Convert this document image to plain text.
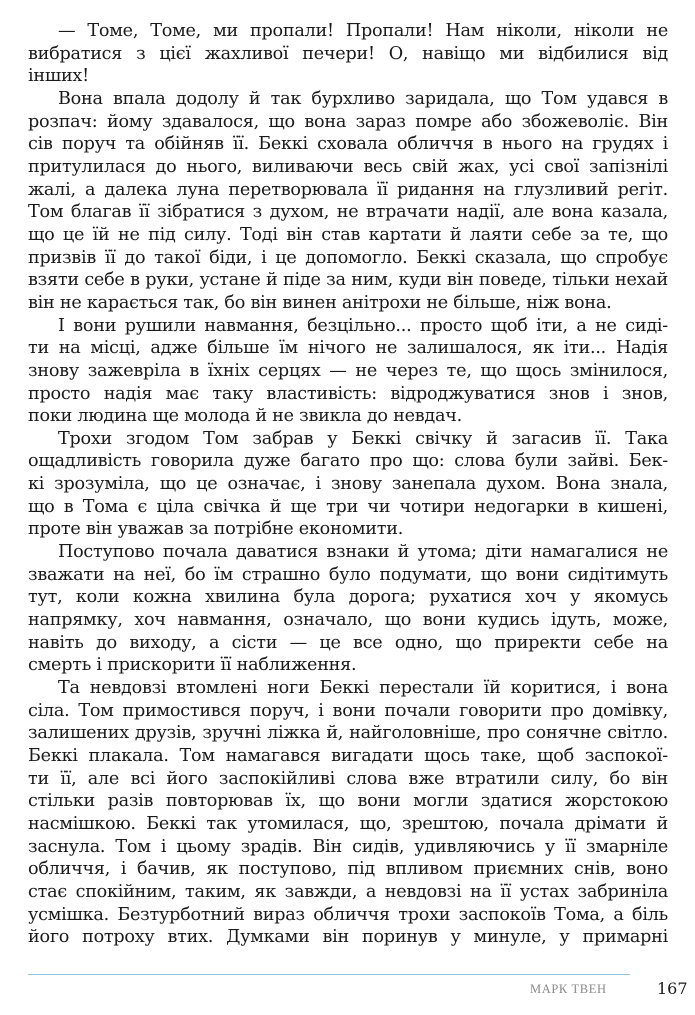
— Томе, Томе, ми пропали! Пропали! Нам ніколи, ніколи не
вибратися з цієї жахливої печери! О, навіщо ми відбилися від
інших!

Вона впала додолу й так бурхливо заридала, що Том удався в
розпач: йому здавалося, що вона зараз помре або збожеволіє. Він
сів поруч та обійняв її. Беккі сховала обличчя в нього на грудях і
притулилася до нього, виливаючи весь свій жах, усі свої запізнілі
жалі, а далека луна перетворювала її ридання на глузливий регіт.
Том благав її зібратися з духом, не втрачати надії, але вона казала,
що це їй не під силу. Тоді він став картати й лаяти себе за те, що
призвів її до такої біди, і це допомогло. Беккі сказала, що спробує
взяти себе в руки, устане й піде за ним, куди він поведе, тільки нехай
він не карається так, бо він винен анітрохи не більше, ніж вона.

І вони рушили навмання, безцільно... просто щоб іти, а не сиді-
ти на місці, адже більше їм нічого не залишалося, як іти... Надія
знову зажевріла в їхніх серцях — не через те, що щось змінилося,
просто надія має таку властивість: відроджуватися знов і знов,
поки людина ще молода й не звикла до невдач.

Трохи згодом Том забрав у Беккі свічку й загасив її. Така
ощадливість говорила дуже багато про що: слова були зайві. Бек-
кі зрозуміла, що це означає, і знову занепала духом. Вона знала,
що в Тома є ціла свічка й ще три чи чотири недогарки в кишені,
проте він уважав за потрібне економити.

Поступово почала даватися взнаки й утома; діти намагалися не
зважати на неї, бо їм страшно було подумати, що вони сидітимуть
тут, коли кожна хвилина була дорога; рухатися хоч у якомусь
напрямку, хоч навмання, означало, що вони кудись ідуть, може,
навіть до виходу, а сісти — це все одно, що приректи себе на
смерть і прискорити її наближення.

Та невдовзі втомлені ноги Беккі перестали їй коритися, і вона
сіла. Том примостився поруч, і вони почали говорити про домівку,
залишених друзів, зручні ліжка й, найголовніше, про сонячне світло.
Беккі плакала. Том намагався вигадати щось таке, щоб заспокої-
ти її, але всі його заспокійливі слова вже втратили силу, бо він
стільки разів повторював їх, що вони могли здатися жорстокою
насмішкою. Беккі так утомилася, що, зрештою, почала дрімати й
заснула. Том і цьому зрадів. Він сидів, удивляючись у її змарніле
обличчя, і бачив, як поступово, під впливом приємних снів, воно
стає спокійним, таким, як завжди, а невдовзі на її устах забриніла
усмішка. Безтурботний вираз обличчя трохи заспокоїв Тома, а біль
його потроху втих. Думками він поринув у минуле, у примарні

МАРК ТВЕН	167
